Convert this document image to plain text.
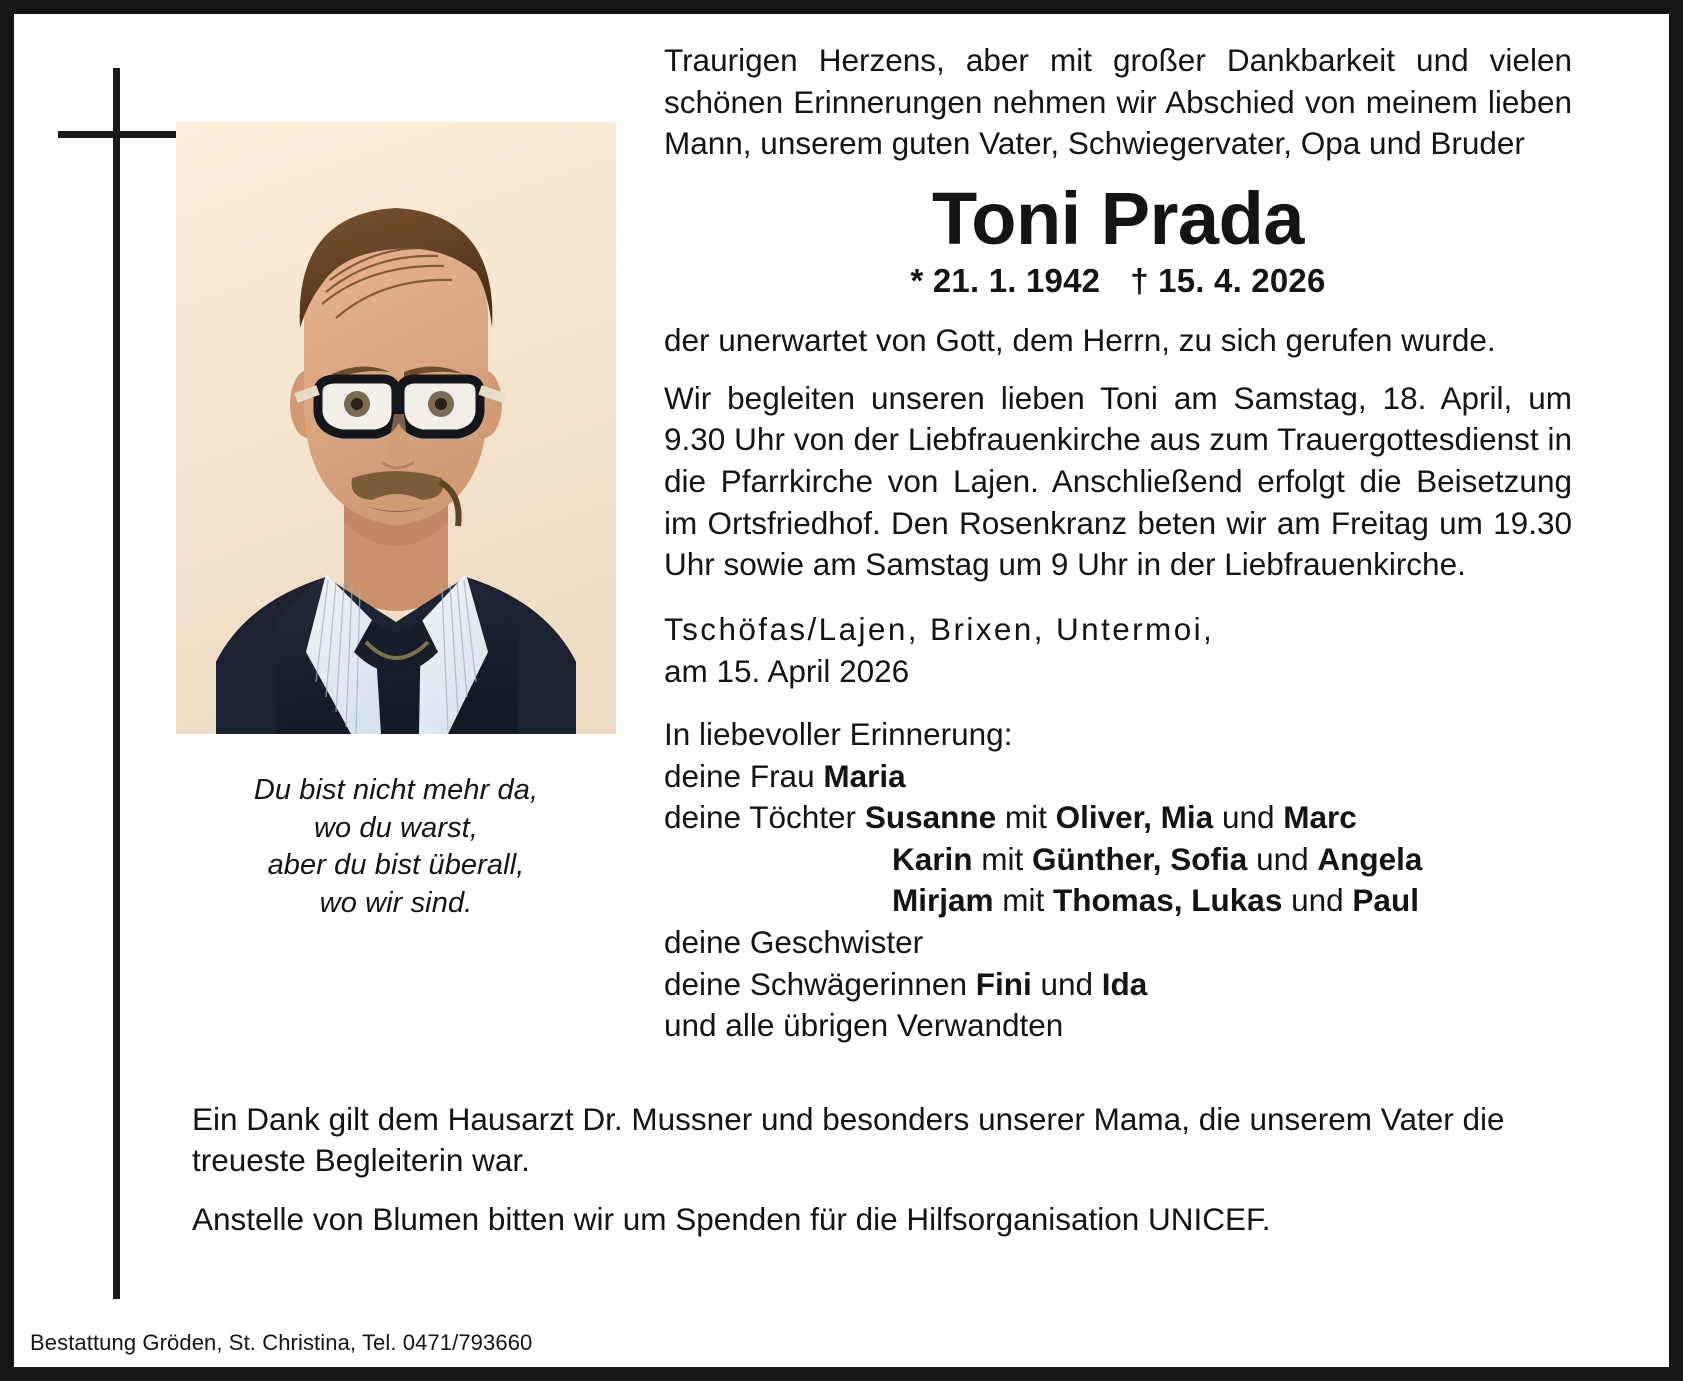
Du bist nicht mehr da,
wo du warst,
aber du bist überall,
wo wir sind.

Traurigen Herzens, aber mit großer Dankbarkeit und vielen schönen Erinnerungen nehmen wir Abschied von meinem lieben Mann, unserem guten Vater, Schwiegervater, Opa und Bruder

Toni Prada
* 21. 1. 1942 † 15. 4. 2026

der unerwartet von Gott, dem Herrn, zu sich gerufen wurde.

Wir begleiten unseren lieben Toni am Samstag, 18. April, um 9.30 Uhr von der Liebfrauenkirche aus zum Trauergottesdienst in die Pfarrkirche von Lajen. Anschließend erfolgt die Beisetzung im Ortsfriedhof. Den Rosenkranz beten wir am Freitag um 19.30 Uhr sowie am Samstag um 9 Uhr in der Liebfrauenkirche.

Tschöfas/Lajen, Brixen, Untermoi,
am 15. April 2026
In liebevoller Erinnerung:
deine Frau Maria
deine Töchter Susanne mit Oliver, Mia und Marc
Karin mit Günther, Sofia und Angela
Mirjam mit Thomas, Lukas und Paul
deine Geschwister
deine Schwägerinnen Fini und Ida
und alle übrigen Verwandten

Ein Dank gilt dem Hausarzt Dr. Mussner und besonders unserer Mama, die unserem Vater die treueste Begleiterin war.

Anstelle von Blumen bitten wir um Spenden für die Hilfsorganisation UNICEF.

Bestattung Gröden, St. Christina, Tel. 0471/793660
